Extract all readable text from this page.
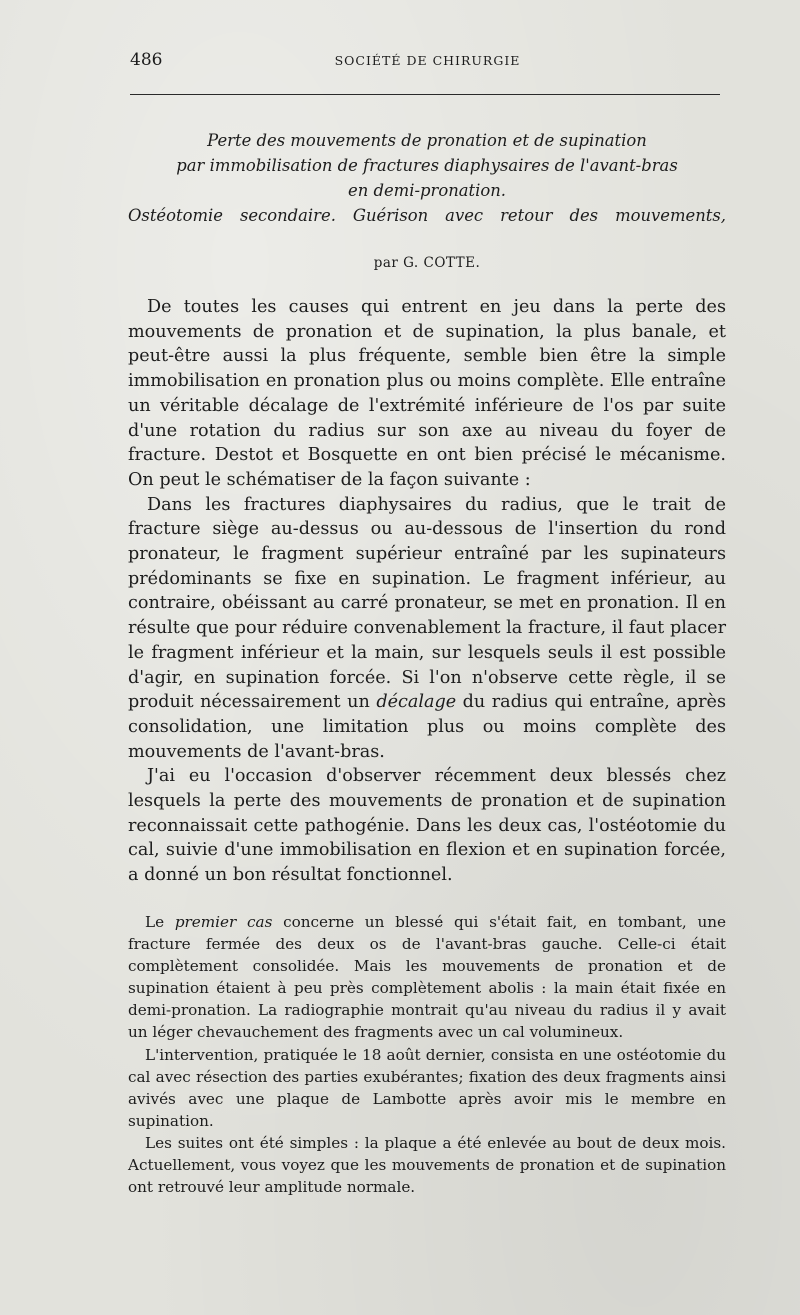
486	SOCIÉTÉ DE CHIRURGIE
Perte des mouvements de pronation et de supination
par immobilisation de fractures diaphysaires de l'avant-bras
en demi-pronation.
Ostéotomie secondaire. Guérison avec retour des mouvements,
par G. COTTE.

De toutes les causes qui entrent en jeu dans la perte des mouvements de pronation et de supination, la plus banale, et peut-être aussi la plus fréquente, semble bien être la simple immobilisation en pronation plus ou moins complète. Elle entraîne un véritable décalage de l'extrémité inférieure de l'os par suite d'une rotation du radius sur son axe au niveau du foyer de fracture. Destot et Bosquette en ont bien précisé le mécanisme. On peut le schématiser de la façon suivante :

Dans les fractures diaphysaires du radius, que le trait de fracture siège au-dessus ou au-dessous de l'insertion du rond pronateur, le fragment supérieur entraîné par les supinateurs prédominants se fixe en supination. Le fragment inférieur, au contraire, obéissant au carré pronateur, se met en pronation. Il en résulte que pour réduire convenablement la fracture, il faut placer le fragment inférieur et la main, sur lesquels seuls il est possible d'agir, en supination forcée. Si l'on n'observe cette règle, il se produit nécessairement un décalage du radius qui entraîne, après consolidation, une limitation plus ou moins complète des mouvements de l'avant-bras.

J'ai eu l'occasion d'observer récemment deux blessés chez lesquels la perte des mouvements de pronation et de supination reconnaissait cette pathogénie. Dans les deux cas, l'ostéotomie du cal, suivie d'une immobilisation en flexion et en supination forcée, a donné un bon résultat fonctionnel.

Le premier cas concerne un blessé qui s'était fait, en tombant, une fracture fermée des deux os de l'avant-bras gauche. Celle-ci était complètement consolidée. Mais les mouvements de pronation et de supination étaient à peu près complètement abolis : la main était fixée en demi-pronation. La radiographie montrait qu'au niveau du radius il y avait un léger chevauchement des fragments avec un cal volumineux.

L'intervention, pratiquée le 18 août dernier, consista en une ostéotomie du cal avec résection des parties exubérantes; fixation des deux fragments ainsi avivés avec une plaque de Lambotte après avoir mis le membre en supination.

Les suites ont été simples : la plaque a été enlevée au bout de deux mois. Actuellement, vous voyez que les mouvements de pronation et de supination ont retrouvé leur amplitude normale.
